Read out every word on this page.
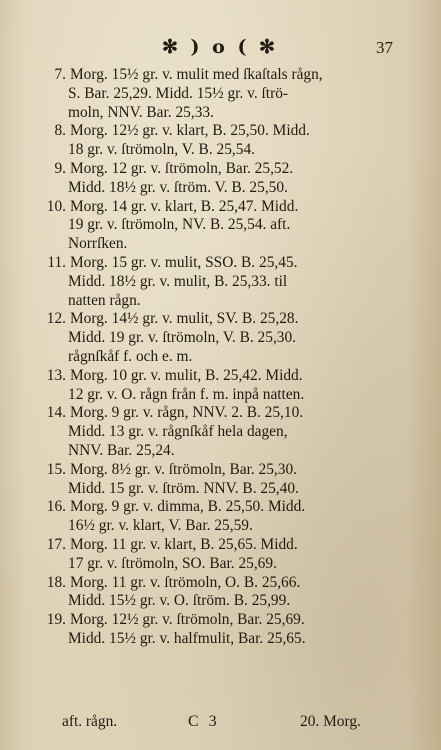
✻ ) o ( ✻	37
7. Morg. 15½ gr. v. mulit med ſkaſtals rågn,
S. Bar. 25,29. Midd. 15½ gr. v. ſtrö-
moln, NNV. Bar. 25,33.
8. Morg. 12½ gr. v. klart, B. 25,50. Midd.
18 gr. v. ſtrömoln, V. B. 25,54.
9. Morg. 12 gr. v. ſtrömoln, Bar. 25,52.
Midd. 18½ gr. v. ſtröm. V. B. 25,50.
10. Morg. 14 gr. v. klart, B. 25,47. Midd.
19 gr. v. ſtrömoln, NV. B. 25,54. aft.
Norrſken.
11. Morg. 15 gr. v. mulit, SSO. B. 25,45.
Midd. 18½ gr. v. mulit, B. 25,33. til
natten rågn.
12. Morg. 14½ gr. v. mulit, SV. B. 25,28.
Midd. 19 gr. v. ſtrömoln, V. B. 25,30.
rågnſkåf f. och e. m.
13. Morg. 10 gr. v. mulit, B. 25,42. Midd.
12 gr. v. O. rågn från f. m. inpå natten.
14. Morg. 9 gr. v. rågn, NNV. 2. B. 25,10.
Midd. 13 gr. v. rågnſkåf hela dagen,
NNV. Bar. 25,24.
15. Morg. 8½ gr. v. ſtrömoln, Bar. 25,30.
Midd. 15 gr. v. ſtröm. NNV. B. 25,40.
16. Morg. 9 gr. v. dimma, B. 25,50. Midd.
16½ gr. v. klart, V. Bar. 25,59.
17. Morg. 11 gr. v. klart, B. 25,65. Midd.
17 gr. v. ſtrömoln, SO. Bar. 25,69.
18. Morg. 11 gr. v. ſtrömoln, O. B. 25,66.
Midd. 15½ gr. v. O. ſtröm. B. 25,99.
19. Morg. 12½ gr. v. ſtrömoln, Bar. 25,69.
Midd. 15½ gr. v. halfmulit, Bar. 25,65.
aft. rågn.	C 3	20. Morg.
